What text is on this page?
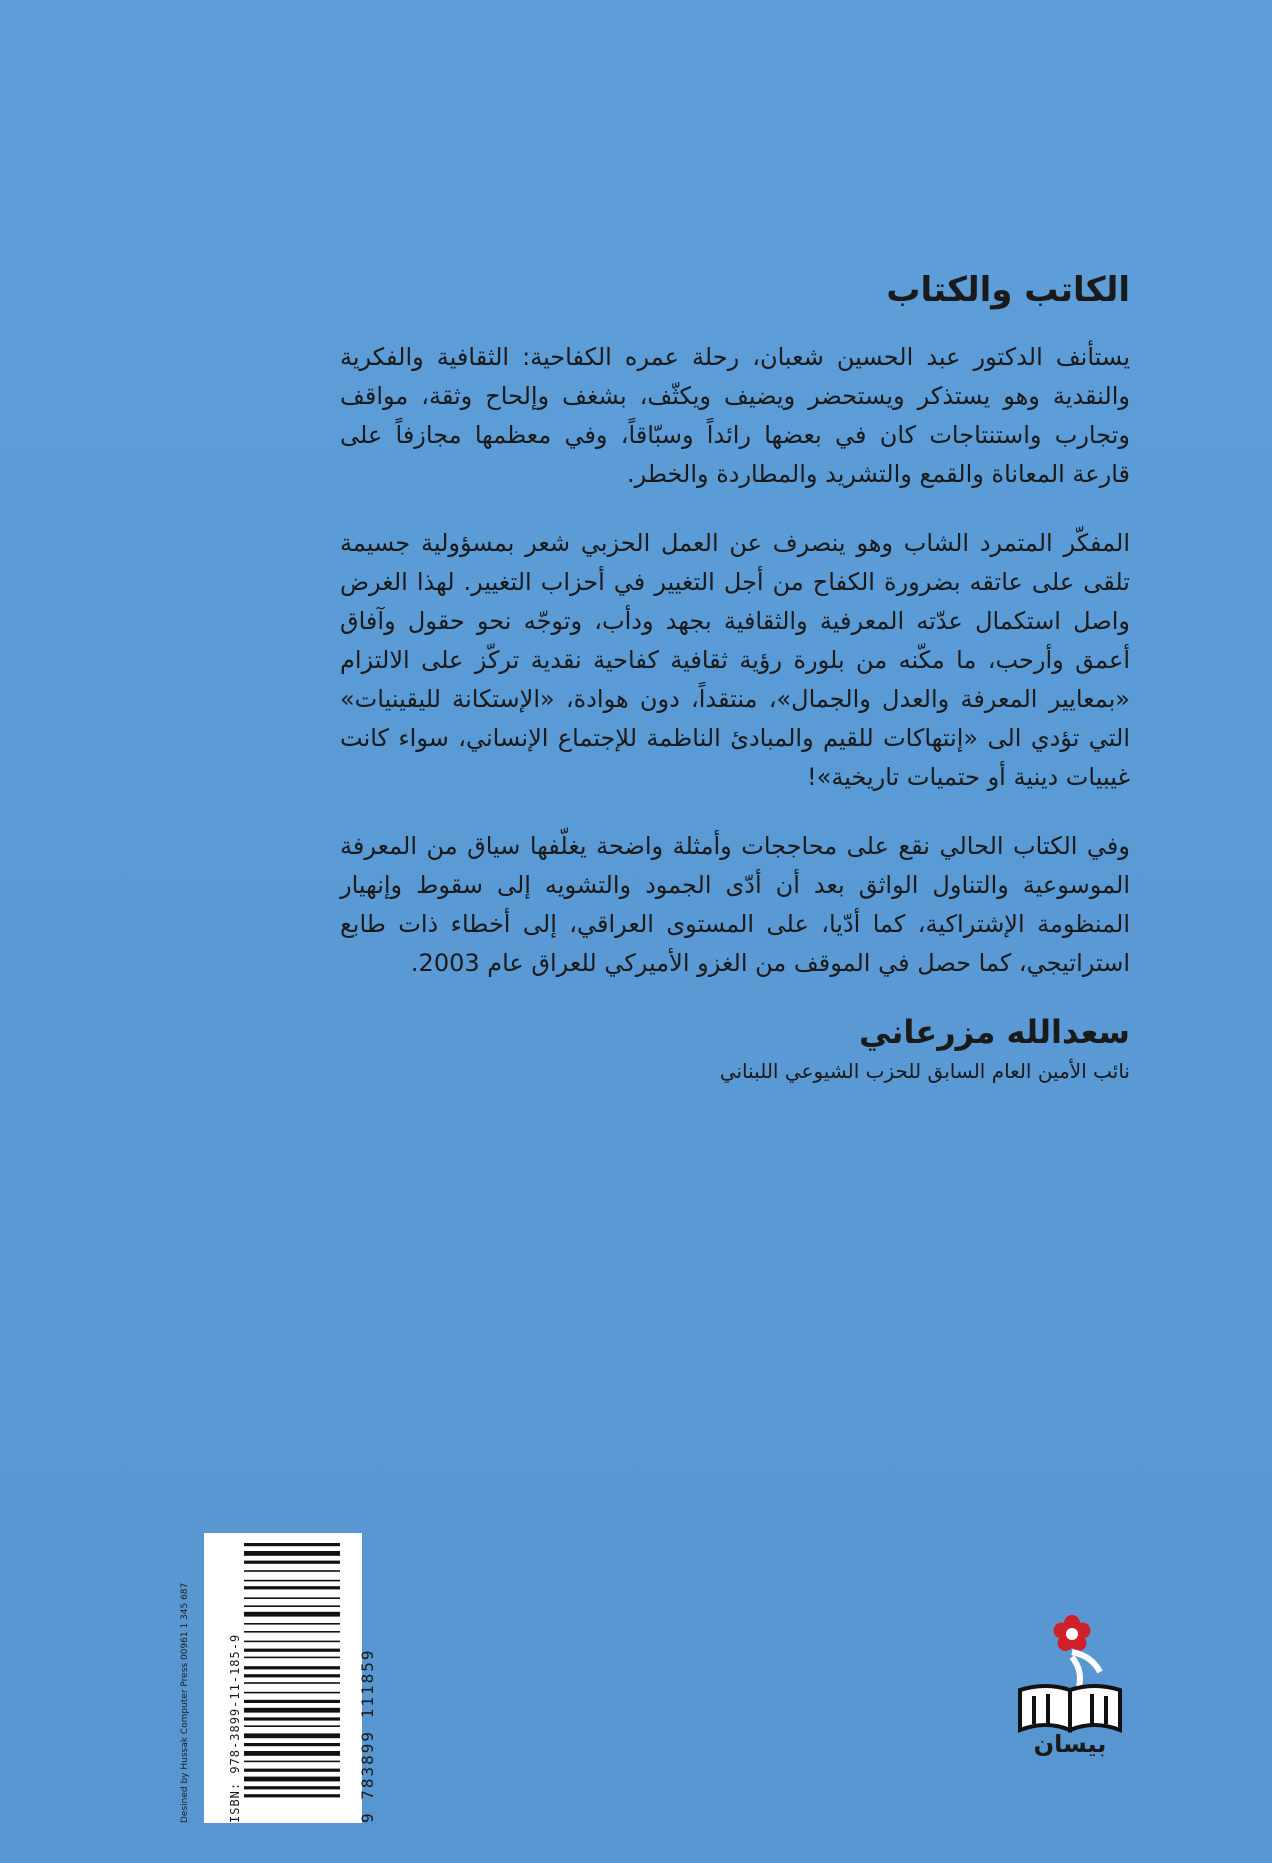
الكاتب والكتاب

يستأنف الدكتور عبد الحسين شعبان، رحلة عمره الكفاحية: الثقافية والفكرية والنقدية وهو يستذكر ويستحضر ويضيف ويكثّف، بشغف وإلحاح وثقة، مواقف وتجارب واستنتاجات كان في بعضها رائداً وسبّاقاً، وفي معظمها مجازفاً على قارعة المعاناة والقمع والتشريد والمطاردة والخطر.

المفكّر المتمرد الشاب وهو ينصرف عن العمل الحزبي شعر بمسؤولية جسيمة تلقى على عاتقه بضرورة الكفاح من أجل التغيير في أحزاب التغيير. لهذا الغرض واصل استكمال عدّته المعرفية والثقافية بجهد ودأب، وتوجّه نحو حقول وآفاق أعمق وأرحب، ما مكّنه من بلورة رؤية ثقافية كفاحية نقدية تركّز على الالتزام «بمعايير المعرفة والعدل والجمال»، منتقداً، دون هوادة، «الإستكانة لليقينيات» التي تؤدي الى «إنتهاكات للقيم والمبادئ الناظمة للإجتماع الإنساني، سواء كانت غيبيات دينية أو حتميات تاريخية»!

وفي الكتاب الحالي نقع على محاججات وأمثلة واضحة يغلّفها سياق من المعرفة الموسوعية والتناول الواثق بعد أن أدّى الجمود والتشويه إلى سقوط وإنهيار المنظومة الإشتراكية، كما أدّيا، على المستوى العراقي، إلى أخطاء ذات طابع استراتيجي، كما حصل في الموقف من الغزو الأميركي للعراق عام 2003.

سعدالله مزرعاني
نائب الأمين العام السابق للحزب الشيوعي اللبناني
Desined by Hussak Computer Press 00961 1 345 687	ISBN: 978-3899-11-185-9	9 783899 111859	بيسان
